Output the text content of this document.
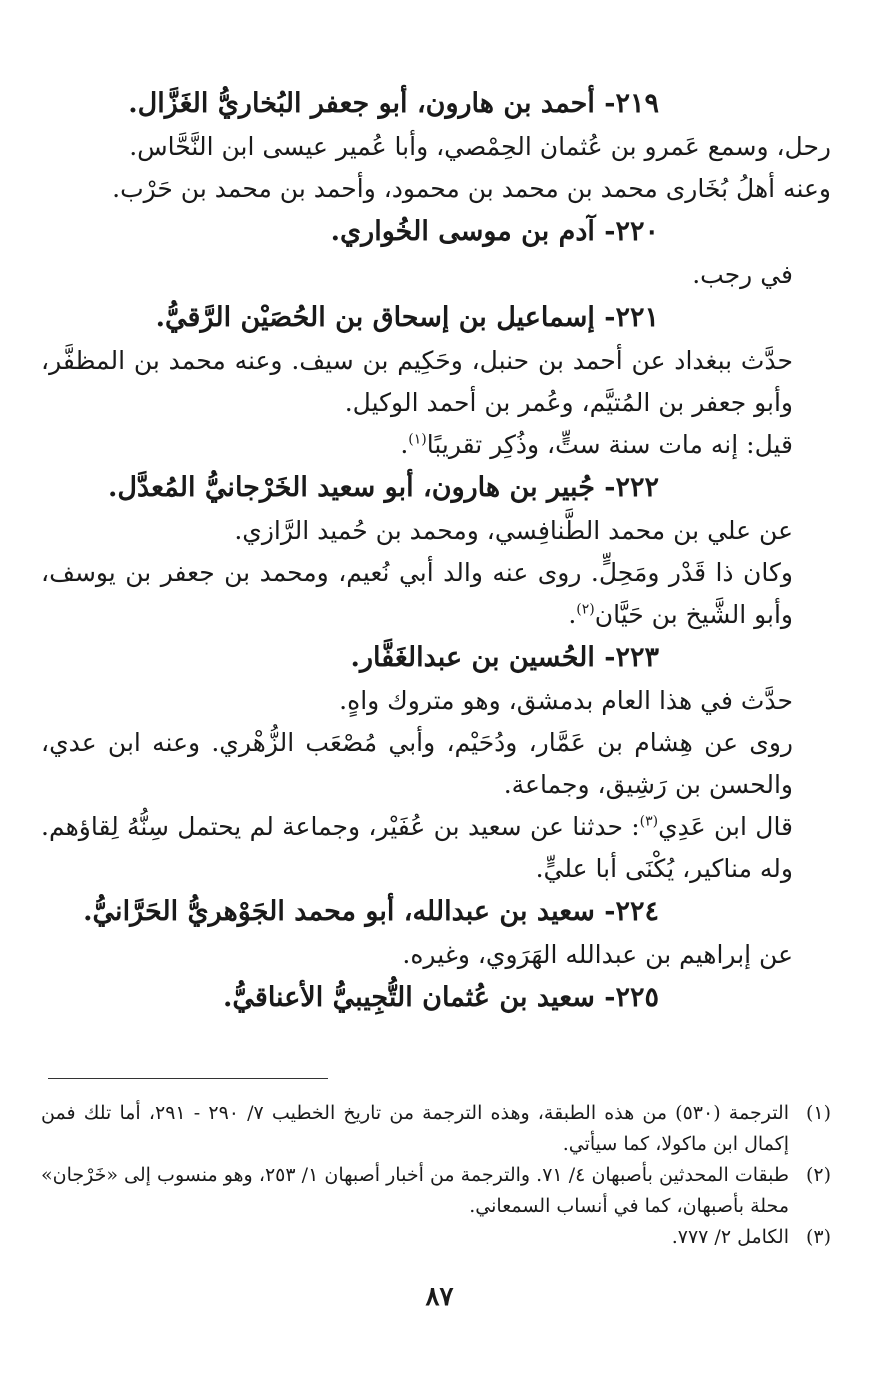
٢١٩- أحمد بن هارون، أبو جعفر البُخاريُّ الغَزَّال.

رحل، وسمع عَمرو بن عُثمان الحِمْصي، وأبا عُمير عيسى ابن النَّحَّاس.

وعنه أهلُ بُخَارى محمد بن محمد بن محمود، وأحمد بن محمد بن حَرْب.

٢٢٠- آدم بن موسى الخُواري.

في رجب.

٢٢١- إسماعيل بن إسحاق بن الحُصَيْن الرَّقيُّ.

حدَّث ببغداد عن أحمد بن حنبل، وحَكِيم بن سيف. وعنه محمد بن المظفَّر، وأبو جعفر بن المُتيَّم، وعُمر بن أحمد الوكيل.

قيل: إنه مات سنة ستٍّ، وذُكِر تقريبًا$^{(١)}$.

٢٢٢- جُبير بن هارون، أبو سعيد الخَرْجانيُّ المُعدَّل.

عن علي بن محمد الطَّنافِسي، ومحمد بن حُميد الرَّازي.

وكان ذا قَدْر ومَحِلٍّ. روى عنه والد أبي نُعيم، ومحمد بن جعفر بن يوسف، وأبو الشَّيخ بن حَيَّان$^{(٢)}$.

٢٢٣- الحُسين بن عبدالغَفَّار.

حدَّث في هذا العام بدمشق، وهو متروك واهٍ.

روى عن هِشام بن عَمَّار، ودُحَيْم، وأبي مُصْعَب الزُّهْري. وعنه ابن عدي، والحسن بن رَشِيق، وجماعة.

قال ابن عَدِي$^{(٣)}$: حدثنا عن سعيد بن عُفَيْر، وجماعة لم يحتمل سِنُّهُ لِقاؤهم. وله مناكير، يُكْنَى أبا عليٍّ.

٢٢٤- سعيد بن عبدالله، أبو محمد الجَوْهريُّ الحَرَّانيُّ.

عن إبراهيم بن عبدالله الهَرَوي، وغيره.

٢٢٥- سعيد بن عُثمان التُّجِيبيُّ الأعناقيُّ.

(١)
الترجمة (٥٣٠) من هذه الطبقة، وهذه الترجمة من تاريخ الخطيب ٧/ ٢٩٠ - ٢٩١، أما تلك فمن إكمال ابن ماكولا، كما سيأتي.
(٢)
طبقات المحدثين بأصبهان ٤/ ٧١. والترجمة من أخبار أصبهان ١/ ٢٥٣، وهو منسوب إلى «خَرْجان» محلة بأصبهان، كما في أنساب السمعاني.
(٣)
الكامل ٢/ ٧٧٧.
٨٧
